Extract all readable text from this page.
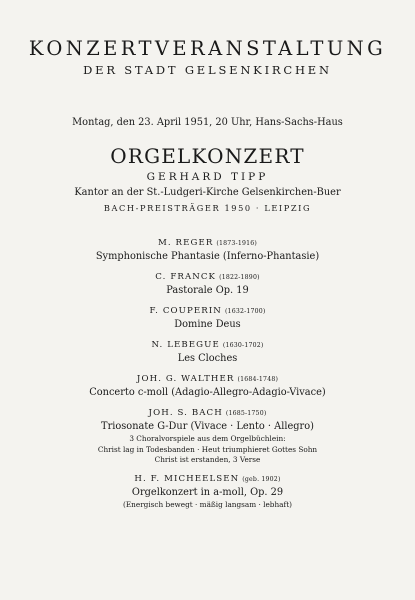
KONZERTVERANSTALTUNG
DER STADT GELSENKIRCHEN
Montag, den 23. April 1951, 20 Uhr, Hans-Sachs-Haus
ORGELKONZERT
GERHARD TIPP
Kantor an der St.-Ludgeri-Kirche Gelsenkirchen-Buer
BACH-PREISTRÄGER 1950 · LEIPZIG
M. REGER (1873-1916)
Symphonische Phantasie (Inferno-Phantasie)
C. FRANCK (1822-1890)
Pastorale Op. 19
F. COUPERIN (1632-1700)
Domine Deus
N. LEBEGUE (1630-1702)
Les Cloches
JOH. G. WALTHER (1684-1748)
Concerto c-moll (Adagio-Allegro-Adagio-Vivace)
JOH. S. BACH (1685-1750)
Triosonate G-Dur (Vivace · Lento · Allegro)
3 Choralvorspiele aus dem Orgelbüchlein:
Christ lag in Todesbanden · Heut triumphieret Gottes Sohn
Christ ist erstanden, 3 Verse
H. F. MICHEELSEN (geb. 1902)
Orgelkonzert in a-moll, Op. 29
(Energisch bewegt · mäßig langsam · lebhaft)
